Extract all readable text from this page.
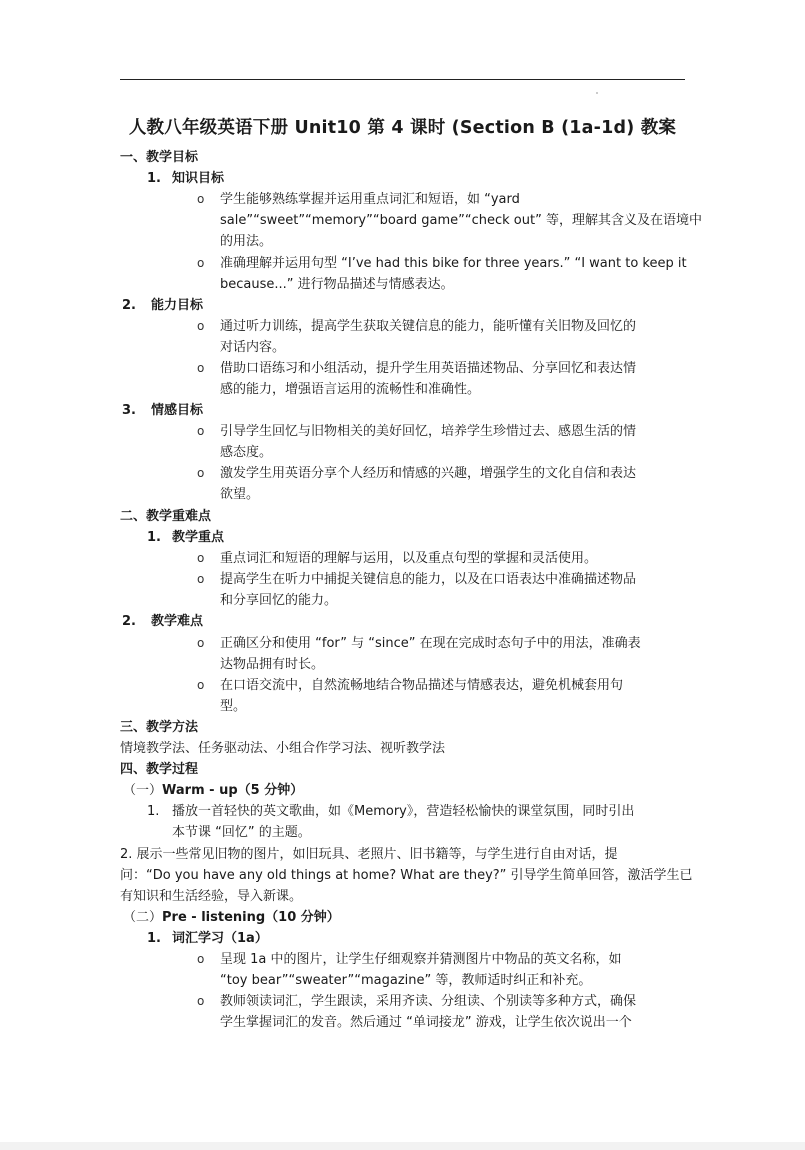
人教八年级英语下册 Unit10 第 4 课时 (Section B (1a-1d) 教案
一、教学目标
1. 知识目标
o 学生能够熟练掌握并运用重点词汇和短语，如 “yard
sale”“sweet”“memory”“board game”“check out” 等，理解其含义及在语境中
的用法。
o 准确理解并运用句型 “I’ve had this bike for three years.” “I want to keep it
because...” 进行物品描述与情感表达。
2. 能力目标
o 通过听力训练，提高学生获取关键信息的能力，能听懂有关旧物及回忆的
对话内容。
o 借助口语练习和小组活动，提升学生用英语描述物品、分享回忆和表达情
感的能力，增强语言运用的流畅性和准确性。
3. 情感目标
o 引导学生回忆与旧物相关的美好回忆，培养学生珍惜过去、感恩生活的情
感态度。
o 激发学生用英语分享个人经历和情感的兴趣，增强学生的文化自信和表达
欲望。
二、教学重难点
1. 教学重点
o 重点词汇和短语的理解与运用，以及重点句型的掌握和灵活使用。
o 提高学生在听力中捕捉关键信息的能力，以及在口语表达中准确描述物品
和分享回忆的能力。
2. 教学难点
o 正确区分和使用 “for” 与 “since” 在现在完成时态句子中的用法，准确表
达物品拥有时长。
o 在口语交流中，自然流畅地结合物品描述与情感表达，避免机械套用句
型。
三、教学方法
情境教学法、任务驱动法、小组合作学习法、视听教学法
四、教学过程
（一）Warm - up（5 分钟）
1. 播放一首轻快的英文歌曲，如《Memory》，营造轻松愉快的课堂氛围，同时引出
本节课 “回忆” 的主题。
2. 展示一些常见旧物的图片，如旧玩具、老照片、旧书籍等，与学生进行自由对话，提
问：“Do you have any old things at home? What are they?” 引导学生简单回答，激活学生已
有知识和生活经验，导入新课。
（二）Pre - listening（10 分钟）
1. 词汇学习（1a）
o 呈现 1a 中的图片，让学生仔细观察并猜测图片中物品的英文名称，如
“toy bear”“sweater”“magazine” 等，教师适时纠正和补充。
o 教师领读词汇，学生跟读，采用齐读、分组读、个别读等多种方式，确保
学生掌握词汇的发音。然后通过 “单词接龙” 游戏，让学生依次说出一个
